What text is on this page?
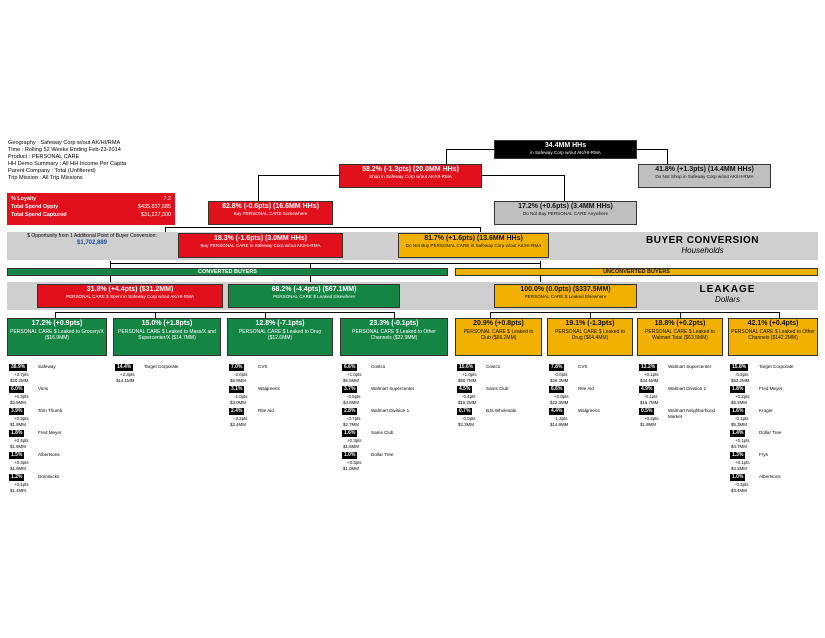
Geography : Safeway Corp w/out AK/HI/RMA
Time : Rolling 52 Weeks Ending Feb-23-2014
Product : PERSONAL CARE
HH Demo Summary : All HH Income Per Capita
Parent Company : Total (Unfiltered)
Trip Mission : All Trip Missions
% Loyalty	7.2
Total Spend Opply	$435,837,585
Total Spend Captured	$31,227,300
34.4MM HHs
in Safeway Corp w/out AK/HI-RMA
58.2% (-1.3pts) (20.0MM HHs)
Shop in Safeway Corp w/out AK/HI-RMA
41.8% (+1.3pts) (14.4MM HHs)
Do Not Shop in Safeway Corp w/out AK/HI-RMA
82.8% (-0.6pts) (16.6MM HHs)
Buy PERSONAL CARE Somewhere
17.2% (+0.6pts) (3.4MM HHs)
Do Not Buy PERSONAL CARE Anywhere
$ Opportunity from 1 Additional Point of Buyer Conversion:
$1,702,889
18.3% (-1.6pts) (3.0MM HHs)
Buy PERSONAL CARE in Safeway Corp w/out AK/HI-RMA
81.7% (+1.6pts) (13.6MM HHs)
Do Not Buy PERSONAL CARE in Safeway Corp w/out AK/HI-RMA	BUYER CONVERSION
Households
CONVERTED BUYERS	UNCONVERTED BUYERS
31.8% (+4.4pts) ($31.2MM)
PERSONAL CARE $ Spent in Safeway Corp w/out AK/HI-RMA
68.2% (-4.4pts) ($67.1MM)
PERSONAL CARE $ Leaked Elsewhere
100.0% (0.0pts) ($337.5MM)
PERSONAL CARE $ Leaked Elsewhere
LEAKAGE
Dollars
17.2% (+0.9pts)
PERSONAL CARE $ Leaked to Grocery/X ($16.9MM)
38.9%	Safeway
+3.7pts
$20.2MM
6.0%	Vons
+0.3pts
$2.9MM
3.9%	Tom Thumb
+0.3pts
$1.9MM
1.8%	Fred Meyer
+0.4pts
$1.8MM
1.5%	Albertsons
+0.3pts
$1.9MM
1.2%	Dominicks
+0.1pts
$1.4MM
15.0% (+1.8pts)
PERSONAL CARE $ Leaked to Mass/X and Supercenter/X ($14.7MM)
14.4%	Target Corporate
+2.3pts
$14.1MM
12.8% (-7.1pts)
PERSONAL CARE $ Leaked to Drug ($12.6MM)
7.0%	CVS
-2.0pts
$6.9MM
3.1%	Walgreens
-1.0pts
$3.0MM
2.4%	Rite Aid
-3.2pts
$2.4MM
23.3% (-0.1pts)
PERSONAL CARE $ Leaked to Other Channels ($22.9MM)
6.6%	Costco
+1.0pts
$6.5MM
3.7%	Walmart Supercenter
-0.5pts
$3.6MM
2.8%	Walmart Division 1
-0.7pts
$2.7MM
1.6%	Sams Club
+0.3pts
$1.6MM
1.0%	Dollar Tree
+0.3pts
$1.0MM
20.9% (+0.8pts)
PERSONAL CARE $ Leaked to Club ($66.2MM)
15.6%	Costco
+1.0pts
$50.7MM
4.5%	Sams Club
-0.4pts
$15.2MM
0.7%	BJs Wholesale
-0.0pts
$2.3MM
19.1% (-1.3pts)
PERSONAL CARE $ Leaked to Drug ($64.4MM)
7.8%	CVS
-0.0pts
$26.3MM
6.6%	Rite Aid
+0.0pts
$22.3MM
4.4%	Walgreens
-1.3pts
$14.9MM
18.8% (+0.2pts)
PERSONAL CARE $ Leaked to Walmart Total ($63.5MM)
13.2%	Walmart Supercenter
+0.1pts
$44.6MM
4.9%	Walmart Division 1
-0.1pts
$16.7MM
0.5%	Walmart Neighborhood Market
+0.2pts
$1.8MM
42.1% (+0.4pts)
PERSONAL CARE $ Leaked to Other Channels ($142.2MM)
15.8%	Target Corporate
-0.3pts
$53.2MM
1.8%	Fred Meyer
+0.2pts
$6.2MM
1.6%	Kroger
-0.1pts
$5.3MM
1.4%	Dollar Tree
+0.1pts
$4.7MM
1.3%	Frys
+0.1pts
$4.2MM
1.0%	Albertsons
-0.3pts
$3.4MM
